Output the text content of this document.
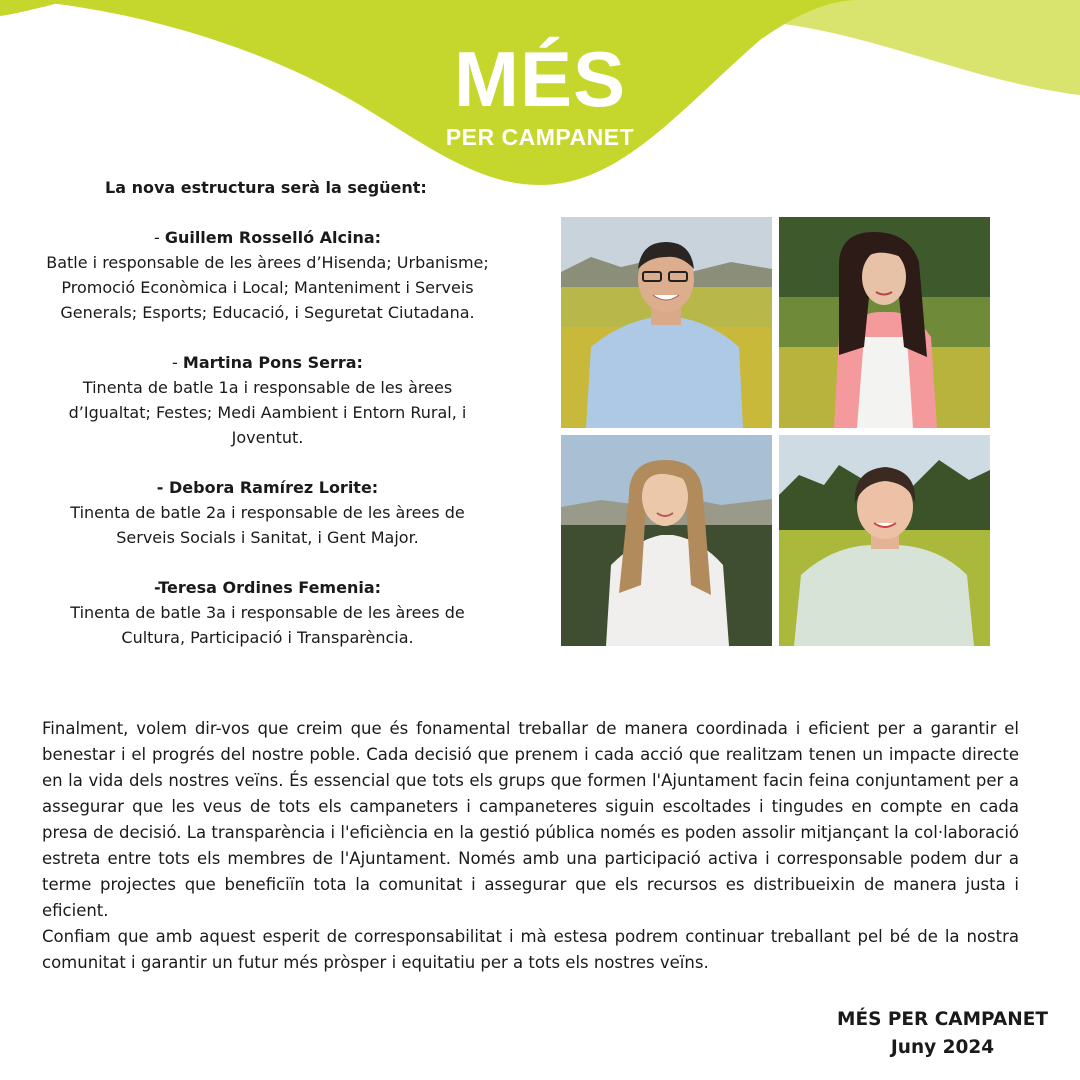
MÉS
PER CAMPANET
La nova estructura serà la següent:
- Guillem Rosselló Alcina:
Batle i responsable de les àrees d’Hisenda; Urbanisme; Promoció Econòmica i Local; Manteniment i Serveis Generals; Esports; Educació, i Seguretat Ciutadana.
- Martina Pons Serra:
Tinenta de batle 1a i responsable de les àrees d’Igualtat; Festes; Medi Aambient i Entorn Rural, i Joventut.
- Debora Ramírez Lorite:
Tinenta de batle 2a i responsable de les àrees de Serveis Socials i Sanitat, i Gent Major.
-Teresa Ordines Femenia:
Tinenta de batle 3a i responsable de les àrees de Cultura, Participació i Transparència.

Finalment, volem dir-vos que creim que és fonamental treballar de manera coordinada i eficient per a garantir el benestar i el progrés del nostre poble. Cada decisió que prenem i cada acció que realitzam tenen un impacte directe en la vida dels nostres veïns. És essencial que tots els grups que formen l'Ajuntament facin feina conjuntament per a assegurar que les veus de tots els campaneters i campaneteres siguin escoltades i tingudes en compte en cada presa de decisió. La transparència i l'eficiència en la gestió pública només es poden assolir mitjançant la col·laboració estreta entre tots els membres de l'Ajuntament. Només amb una participació activa i corresponsable podem dur a terme projectes que beneficiïn tota la comunitat i assegurar que els recursos es distribueixin de manera justa i eficient.

Confiam que amb aquest esperit de corresponsabilitat i mà estesa podrem continuar treballant pel bé de la nostra comunitat i garantir un futur més pròsper i equitatiu per a tots els nostres veïns.

MÉS PER CAMPANET
Juny 2024
